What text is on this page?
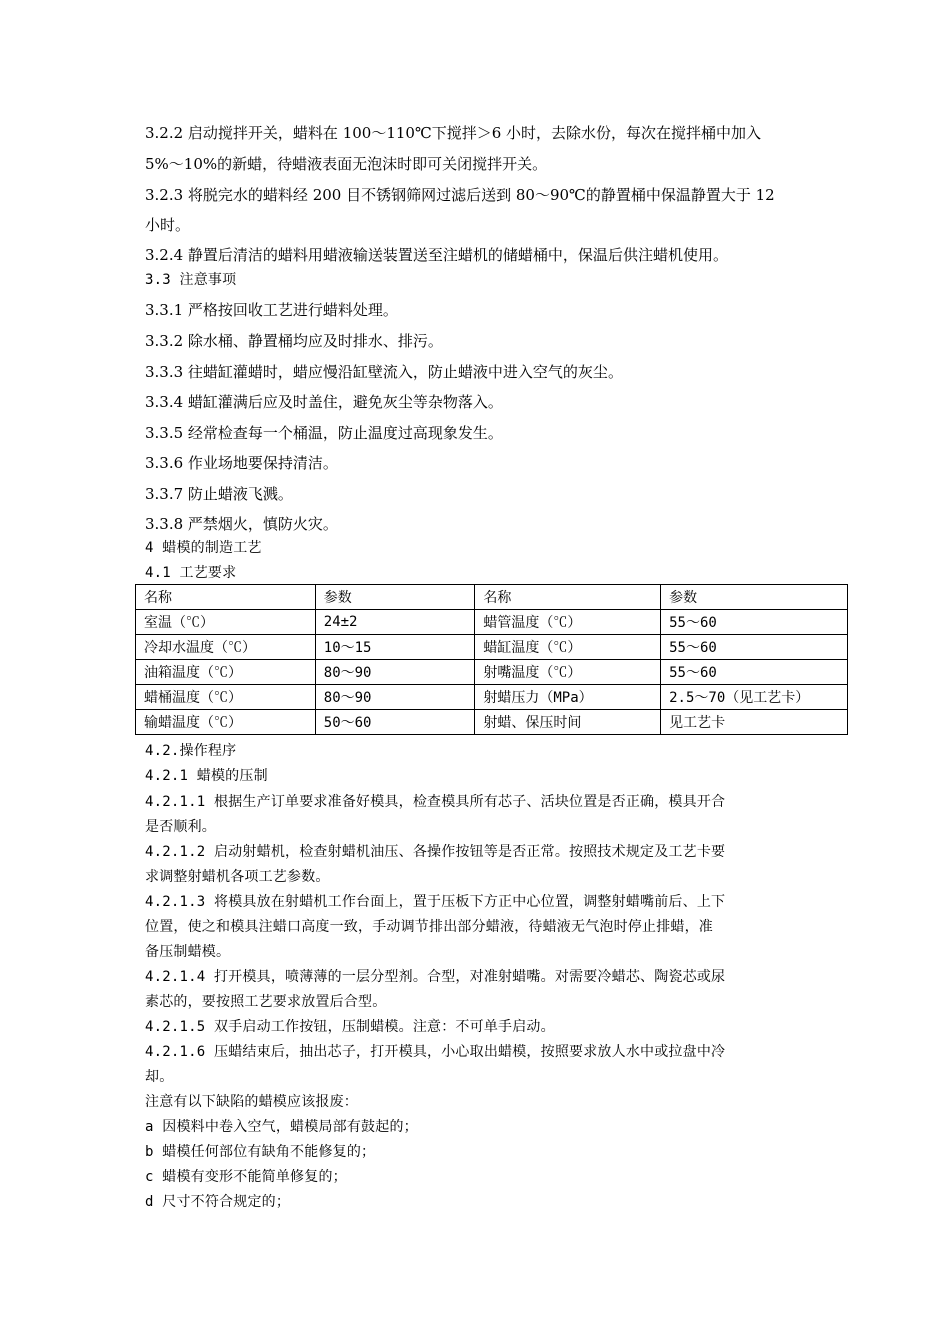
3.2.2 启动搅拌开关，蜡料在 100～110℃下搅拌＞6 小时，去除水份，每次在搅拌桶中加入
5%～10%的新蜡，待蜡液表面无泡沫时即可关闭搅拌开关。
3.2.3 将脱完水的蜡料经 200 目不锈钢筛网过滤后送到 80～90℃的静置桶中保温静置大于 12
小时。
3.2.4 静置后清洁的蜡料用蜡液输送装置送至注蜡机的储蜡桶中，保温后供注蜡机使用。
3.3 注意事项
3.3.1 严格按回收工艺进行蜡料处理。
3.3.2 除水桶、静置桶均应及时排水、排污。
3.3.3 往蜡缸灌蜡时，蜡应慢沿缸壁流入，防止蜡液中进入空气的灰尘。
3.3.4 蜡缸灌满后应及时盖住，避免灰尘等杂物落入。
3.3.5 经常检查每一个桶温，防止温度过高现象发生。
3.3.6 作业场地要保持清洁。
3.3.7 防止蜡液飞溅。
3.3.8 严禁烟火，慎防火灾。
4 蜡模的制造工艺
4.1 工艺要求
名称	参数	名称	参数
室温（℃）	24±2	蜡管温度（℃）	55～60
冷却水温度（℃）	10～15	蜡缸温度（℃）	55～60
油箱温度（℃）	80～90	射嘴温度（℃）	55～60
蜡桶温度（℃）	80～90	射蜡压力（MPa）	2.5～70（见工艺卡）
输蜡温度（℃）	50～60	射蜡、保压时间	见工艺卡
4.2.操作程序
4.2.1 蜡模的压制
4.2.1.1 根据生产订单要求准备好模具，检查模具所有芯子、活块位置是否正确，模具开合
是否顺利。
4.2.1.2 启动射蜡机，检查射蜡机油压、各操作按钮等是否正常。按照技术规定及工艺卡要
求调整射蜡机各项工艺参数。
4.2.1.3 将模具放在射蜡机工作台面上，置于压板下方正中心位置，调整射蜡嘴前后、上下
位置，使之和模具注蜡口高度一致，手动调节排出部分蜡液，待蜡液无气泡时停止排蜡，准
备压制蜡模。
4.2.1.4 打开模具，喷薄薄的一层分型剂。合型，对准射蜡嘴。对需要冷蜡芯、陶瓷芯或尿
素芯的，要按照工艺要求放置后合型。
4.2.1.5 双手启动工作按钮，压制蜡模。注意：不可单手启动。
4.2.1.6 压蜡结束后，抽出芯子，打开模具，小心取出蜡模，按照要求放人水中或拉盘中冷
却。
注意有以下缺陷的蜡模应该报废：
a 因模料中卷入空气，蜡模局部有鼓起的；
b 蜡模任何部位有缺角不能修复的；
c 蜡模有变形不能简单修复的；
d 尺寸不符合规定的；
